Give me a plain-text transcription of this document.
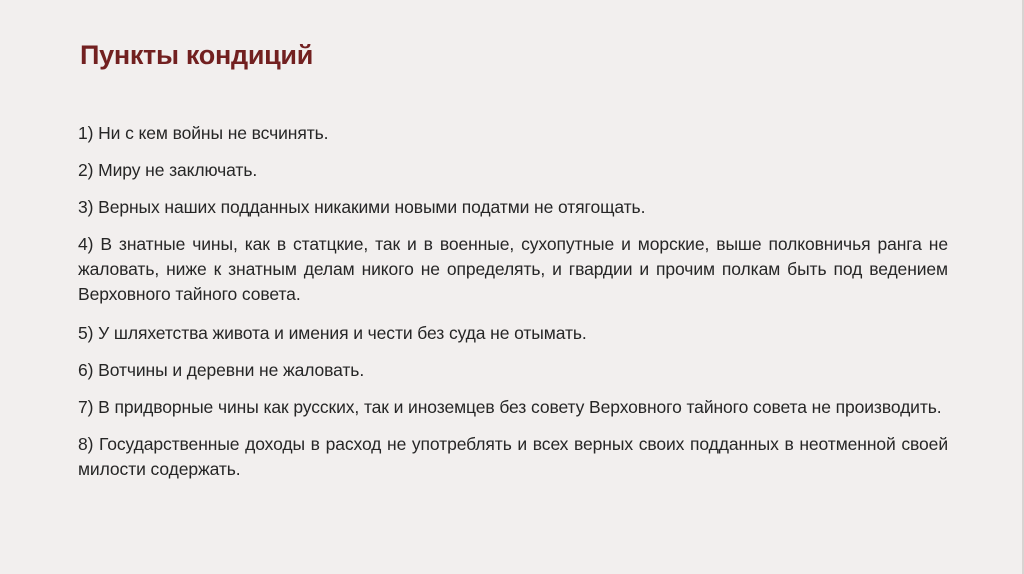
Пункты кондиций
1) Ни с кем войны не всчинять.
2) Миру не заключать.
3) Верных наших подданных никакими новыми податми не отягощать.
4) В знатные чины, как в статцкие, так и в военные, сухопутные и морские, выше полковничья ранга не жаловать, ниже к знатным делам никого не определять, и гвардии и прочим полкам быть под ведением Верховного тайного совета.
5) У шляхетства живота и имения и чести без суда не отымать.
6) Вотчины и деревни не жаловать.
7) В придворные чины как русских, так и иноземцев без совету Верховного тайного совета не производить.
8) Государственные доходы в расход не употреблять и всех верных своих подданных в неотменной своей милости содержать.
